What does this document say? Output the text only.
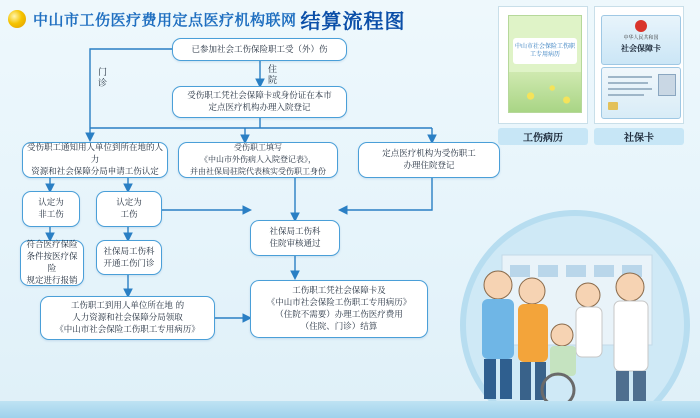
中山市工伤医疗费用定点医疗机构联网 结算流程图
门诊
住院
已参加社会工伤保险职工受（外）伤
受伤职工凭社会保障卡或身份证在本市
定点医疗机构办理入院登记
受伤职工通知用人单位到所在地的人力
资源和社会保障分局申请工伤认定
受伤职工填写
《中山市外伤病人入院登记表》，
并由社保局驻院代表核实受伤职工身份
定点医疗机构为受伤职工
办理住院登记
认定为
非工伤
认定为
工伤
社保局工伤科
住院审核通过
符合医疗保险
条件按医疗保险
规定进行报销
社保局工伤科
开通工伤门诊
工伤职工到用人单位所在地 的
人力资源和社会保障分局领取
《中山市社会保险工伤职工专用病历》
工伤职工凭社会保障卡及
《中山市社会保险工伤职工专用病历》
（住院不需要）办理工伤医疗费用
（住院、门诊）结算
中山市社会保险工伤职工专用病历
工伤病历
中华人民共和国
社会保障卡
社保卡
